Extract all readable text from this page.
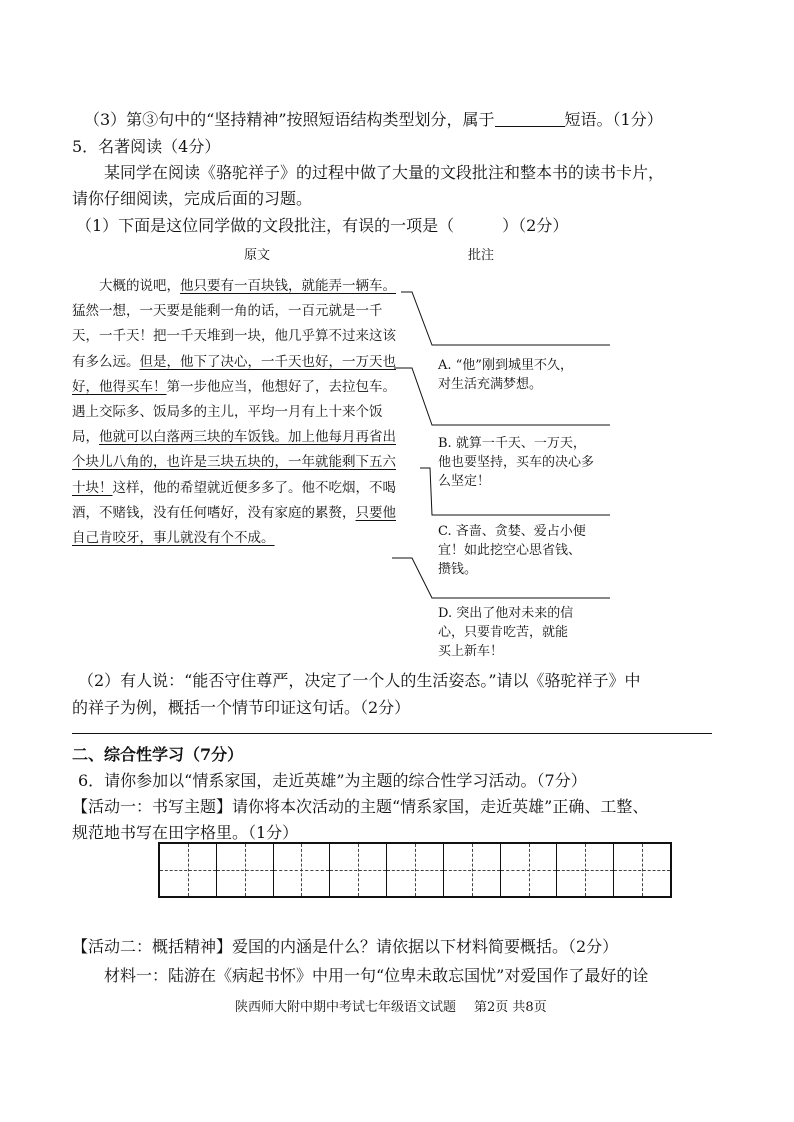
（3）第③句中的“坚持精神”按照短语结构类型划分，属于	短语。（1分）
5．名著阅读（4分）
某同学在阅读《骆驼祥子》的过程中做了大量的文段批注和整本书的读书卡片，
请你仔细阅读，完成后面的习题。
（1）下面是这位同学做的文段批注，有误的一项是（　　　）（2分）
原文	批注
大概的说吧，他只要有一百块钱，就能弄一辆车。
猛然一想，一天要是能剩一角的话，一百元就是一千
天，一千天！把一千天堆到一块，他几乎算不过来这该
有多么远。但是，他下了决心，一千天也好，一万天也
好，他得买车！第一步他应当，他想好了，去拉包车。
遇上交际多、饭局多的主儿，平均一月有上十来个饭
局，他就可以白落两三块的车饭钱。加上他每月再省出
个块儿八角的，也许是三块五块的，一年就能剩下五六
十块！这样，他的希望就近便多多了。他不吃烟，不喝
酒，不赌钱，没有任何嗜好，没有家庭的累赘，只要他
自己肯咬牙，事儿就没有个不成。
A. “他”刚到城里不久，
对生活充满梦想。
B. 就算一千天、一万天，
他也要坚持，买车的决心多
么坚定！
C. 吝啬、贪婪、爱占小便
宜！如此挖空心思省钱、
攒钱。
D. 突出了他对未来的信
心，只要肯吃苦，就能
买上新车！
（2）有人说：“能否守住尊严，决定了一个人的生活姿态。”请以《骆驼祥子》中
的祥子为例，概括一个情节印证这句话。（2分）
二、综合性学习（7分）
6．请你参加以“情系家国，走近英雄”为主题的综合性学习活动。（7分）
【活动一：书写主题】请你将本次活动的主题“情系家国，走近英雄”正确、工整、
规范地书写在田字格里。（1分）
【活动二：概括精神】爱国的内涵是什么？请依据以下材料简要概括。（2分）
材料一：陆游在《病起书怀》中用一句“位卑未敢忘国忧”对爱国作了最好的诠
陕西师大附中期中考试七年级语文试题 第2页 共8页
